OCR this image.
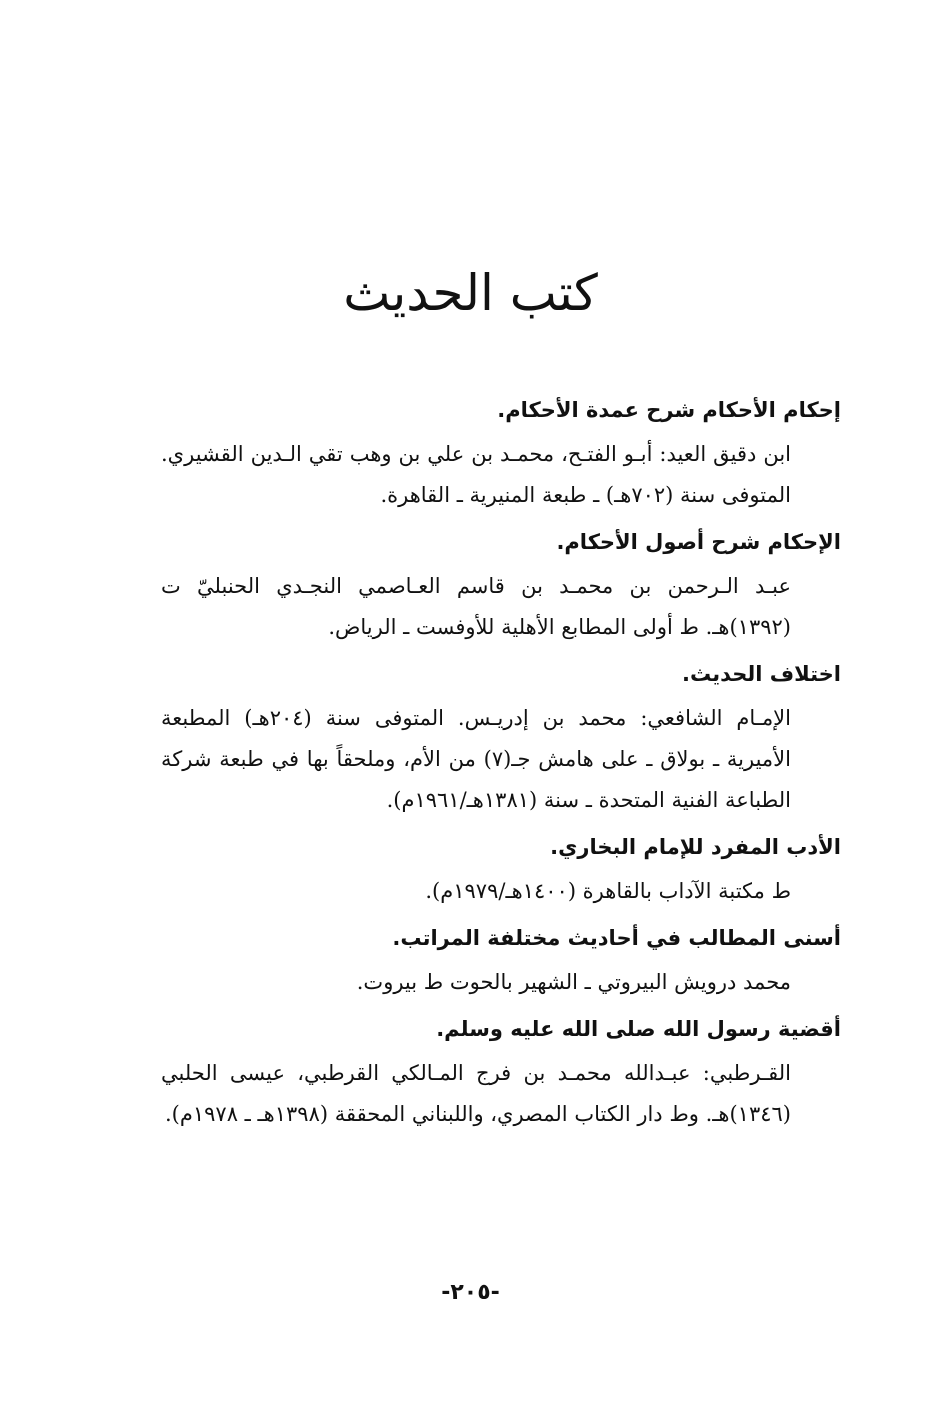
كتب الحديث
إحكام الأحكام شرح عمدة الأحكام.
ابن دقيق العيد: أبـو الفتـح، محمـد بن علي بن وهب تقي الـدين القشيري. المتوفى سنة (٧٠٢هـ) ـ طبعة المنيرية ـ القاهرة.
الإحكام شرح أصول الأحكام.
عبـد الـرحمن بن محمـد بن قاسم العـاصمي النجـدي الحنبليّ ت (١٣٩٢)هـ. ط أولى المطابع الأهلية للأوفست ـ الرياض.
اختلاف الحديث.
الإمـام الشافعي: محمد بن إدريـس. المتوفى سنة (٢٠٤هـ) المطبعة الأميرية ـ بولاق ـ على هامش جـ(٧) من الأم، وملحقاً بها في طبعة شركة الطباعة الفنية المتحدة ـ سنة (١٣٨١هـ/١٩٦١م).
الأدب المفرد للإمام البخاري.
ط مكتبة الآداب بالقاهرة (١٤٠٠هـ/١٩٧٩م).
أسنى المطالب في أحاديث مختلفة المراتب.
محمد درويش البيروتي ـ الشهير بالحوت ط بيروت.
أقضية رسول الله صلى الله عليه وسلم.
القـرطبي: عبـدالله محمـد بن فرج المـالكي القرطبي، عيسى الحلبي (١٣٤٦)هـ. وط دار الكتاب المصري، واللبناني المحققة (١٣٩٨هـ ـ ١٩٧٨م).
-٢٠٥-
